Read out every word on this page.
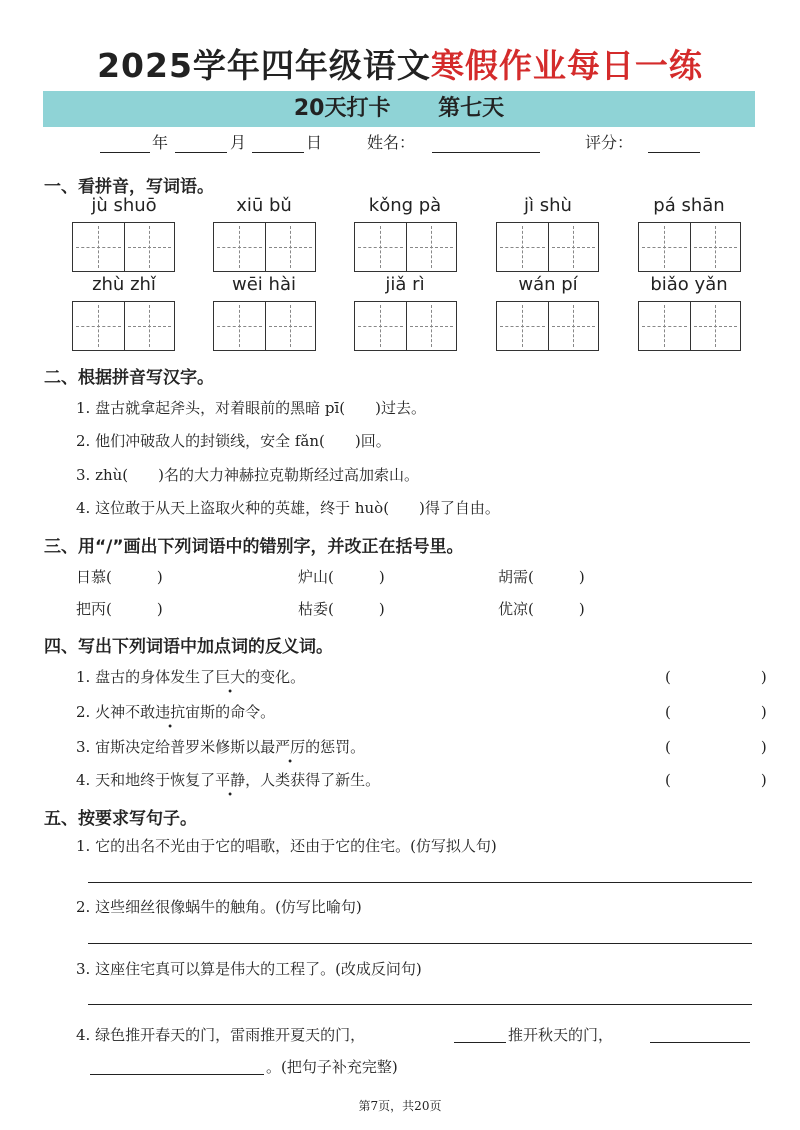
2025学年四年级语文寒假作业每日一练
20天打卡 第七天
年	月	日	姓名：	评分：
一、看拼音，写词语。
jù shuō	xiū bǔ	kǒng pà	jì shù	pá shān
zhù zhǐ	wēi hài	jiǎ rì	wán pí	biǎo yǎn
二、根据拼音写汉字。
1. 盘古就拿起斧头，对着眼前的黑暗 pī(　　)过去。
2. 他们冲破敌人的封锁线，安全 fǎn(　　)回。
3. zhù(　　)名的大力神赫拉克勒斯经过高加索山。
4. 这位敢于从天上盗取火种的英雄，终于 huò(　　)得了自由。
三、用“/”画出下列词语中的错别字，并改正在括号里。
日慕(　　　)	炉山(　　　)	胡需(　　　)
把丙(　　　)	枯委(　　　)	优凉(　　　)
四、写出下列词语中加点词的反义词。
1. 盘古的身体发生了巨大的变化。	(　　　　　　)
2. 火神不敢违抗宙斯的命令。	(　　　　　　)
3. 宙斯决定给普罗米修斯以最严厉的惩罚。	(　　　　　　)
4. 天和地终于恢复了平静，人类获得了新生。	(　　　　　　)
五、按要求写句子。
1. 它的出名不光由于它的唱歌，还由于它的住宅。(仿写拟人句)
2. 这些细丝很像蜗牛的触角。(仿写比喻句)
3. 这座住宅真可以算是伟大的工程了。(改成反问句)
4. 绿色推开春天的门，雷雨推开夏天的门，	推开秋天的门，
。(把句子补充完整)
第7页，共20页
